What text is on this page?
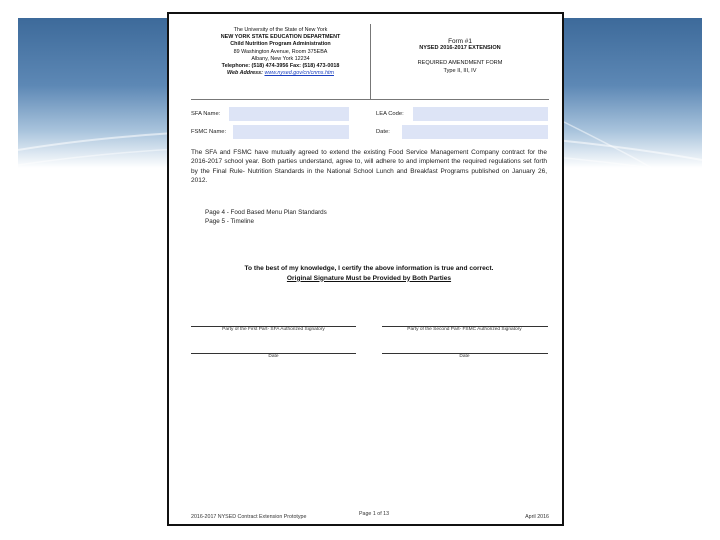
The University of the State of New York
NEW YORK STATE EDUCATION DEPARTMENT
Child Nutrition Program Administration
89 Washington Avenue, Room 375EBA
Albany, New York 12234
Telephone: (518) 474-3956 Fax: (518) 473-0018
Web Address: www.nysed.gov/cn/cnms.htm
Form #1
NYSED 2016-2017 EXTENSION
REQUIRED AMENDMENT FORM
Type II, III, IV
SFA Name:	LEA Code:
FSMC Name:	Date:
The SFA and FSMC have mutually agreed to extend the existing Food Service Management Company contract for the 2016-2017 school year. Both parties understand, agree to, will adhere to and implement the required regulations set forth by the Final Rule- Nutrition Standards in the National School Lunch and Breakfast Programs published on January 26, 2012.
Page 4 - Food Based Menu Plan Standards
Page 5 - Timeline
To the best of my knowledge, I certify the above information is true and correct.
Original Signature Must be Provided by Both Parties
Party of the First Part- SFA Authorized Signatory	Party of the Second Part- FSMC Authorized Signatory
Date	Date
2016-2017 NYSED Contract Extension Prototype	Page 1 of 13	April 2016
